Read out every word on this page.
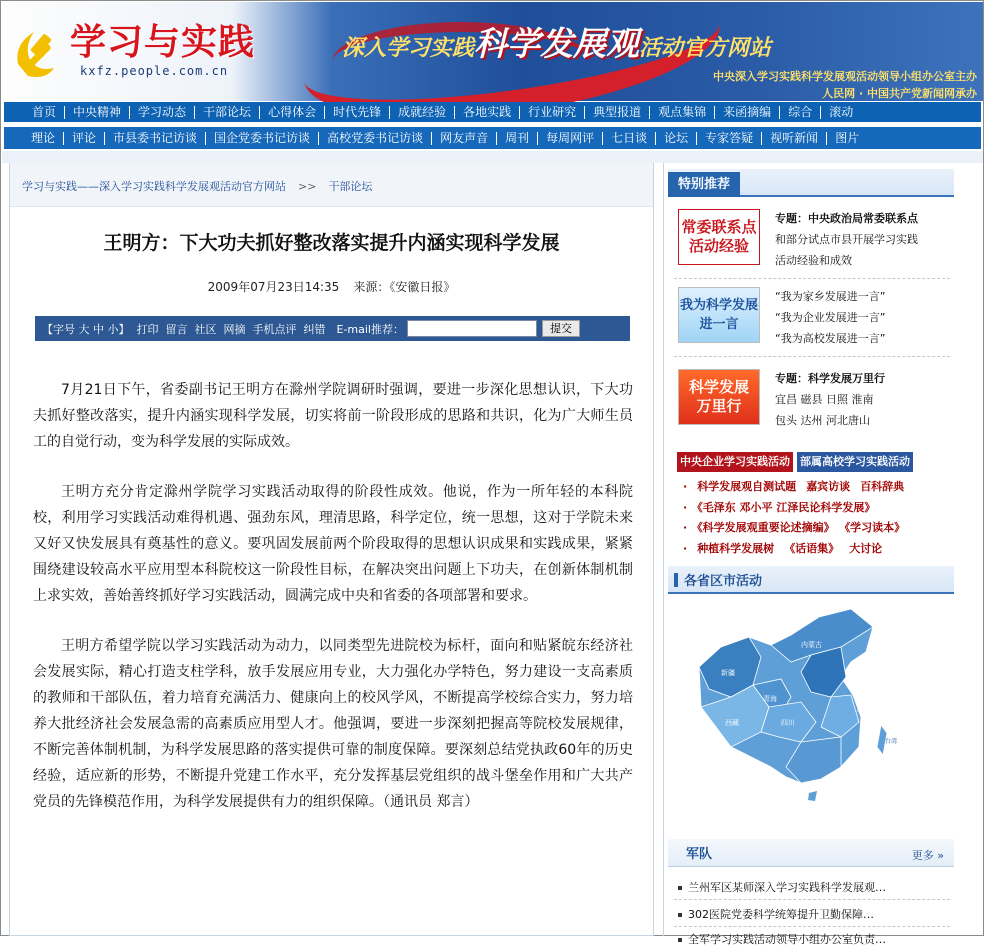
学习与实践
kxfz.people.com.cn
深入学习实践科学发展观活动官方网站
中央深入学习实践科学发展观活动领导小组办公室主办
人民网 · 中国共产党新闻网承办
首页	中央精神	学习动态	干部论坛	心得体会	时代先锋	成就经验	各地实践	行业研究	典型报道	观点集锦	来函摘编	综合	滚动
理论	评论	市县委书记访谈	国企党委书记访谈	高校党委书记访谈	网友声音	周刊	每周网评	七日谈	论坛	专家答疑	视听新闻	图片
学习与实践——深入学习实践科学发展观活动官方网站 >> 干部论坛
王明方：下大功夫抓好整改落实提升内涵实现科学发展
2009年07月23日14:35 来源：《安徽日报》
【字号 大 中 小】 打印 留言 社区 网摘 手机点评 纠错	E-mail推荐：	提交

7月21日下午，省委副书记王明方在滁州学院调研时强调，要进一步深化思想认识，下大功夫抓好整改落实，提升内涵实现科学发展，切实将前一阶段形成的思路和共识，化为广大师生员工的自觉行动，变为科学发展的实际成效。

王明方充分肯定滁州学院学习实践活动取得的阶段性成效。他说，作为一所年轻的本科院校，利用学习实践活动难得机遇、强劲东风，理清思路，科学定位，统一思想，这对于学院未来又好又快发展具有奠基性的意义。要巩固发展前两个阶段取得的思想认识成果和实践成果，紧紧围绕建设较高水平应用型本科院校这一阶段性目标，在解决突出问题上下功夫，在创新体制机制上求实效，善始善终抓好学习实践活动，圆满完成中央和省委的各项部署和要求。

王明方希望学院以学习实践活动为动力，以同类型先进院校为标杆，面向和贴紧皖东经济社会发展实际，精心打造支柱学科，放手发展应用专业，大力强化办学特色，努力建设一支高素质的教师和干部队伍，着力培育充满活力、健康向上的校风学风，不断提高学校综合实力，努力培养大批经济社会发展急需的高素质应用型人才。他强调，要进一步深刻把握高等院校发展规律，不断完善体制机制，为科学发展思路的落实提供可靠的制度保障。要深刻总结党执政60年的历史经验，适应新的形势，不断提升党建工作水平，充分发挥基层党组织的战斗堡垒作用和广大共产党员的先锋模范作用，为科学发展提供有力的组织保障。（通讯员 郑言）

特别推荐
常委联系点
活动经验
专题：中央政治局常委联系点
和部分试点市县开展学习实践
活动经验和成效
我为科学发展
进一言
“我为家乡发展进一言”
“我为企业发展进一言”
“我为高校发展进一言”
科学发展
万里行
专题：科学发展万里行
宜昌 磁县 日照 淮南
包头 达州 河北唐山
中央企业学习实践活动 部属高校学习实践活动
· 科学发展观自测试题 嘉宾访谈 百科辞典
· 《毛泽东 邓小平 江泽民论科学发展》
· 《科学发展观重要论述摘编》 《学习读本》
· 种植科学发展树 《话语集》 大讨论
各省区市活动
新疆
西藏
青海
内蒙古
四川
上海
台湾
军队	更多 »
兰州军区某师深入学习实践科学发展观…
302医院党委科学统筹提升卫勤保障…
全军学习实践活动领导小组办公室负责…
